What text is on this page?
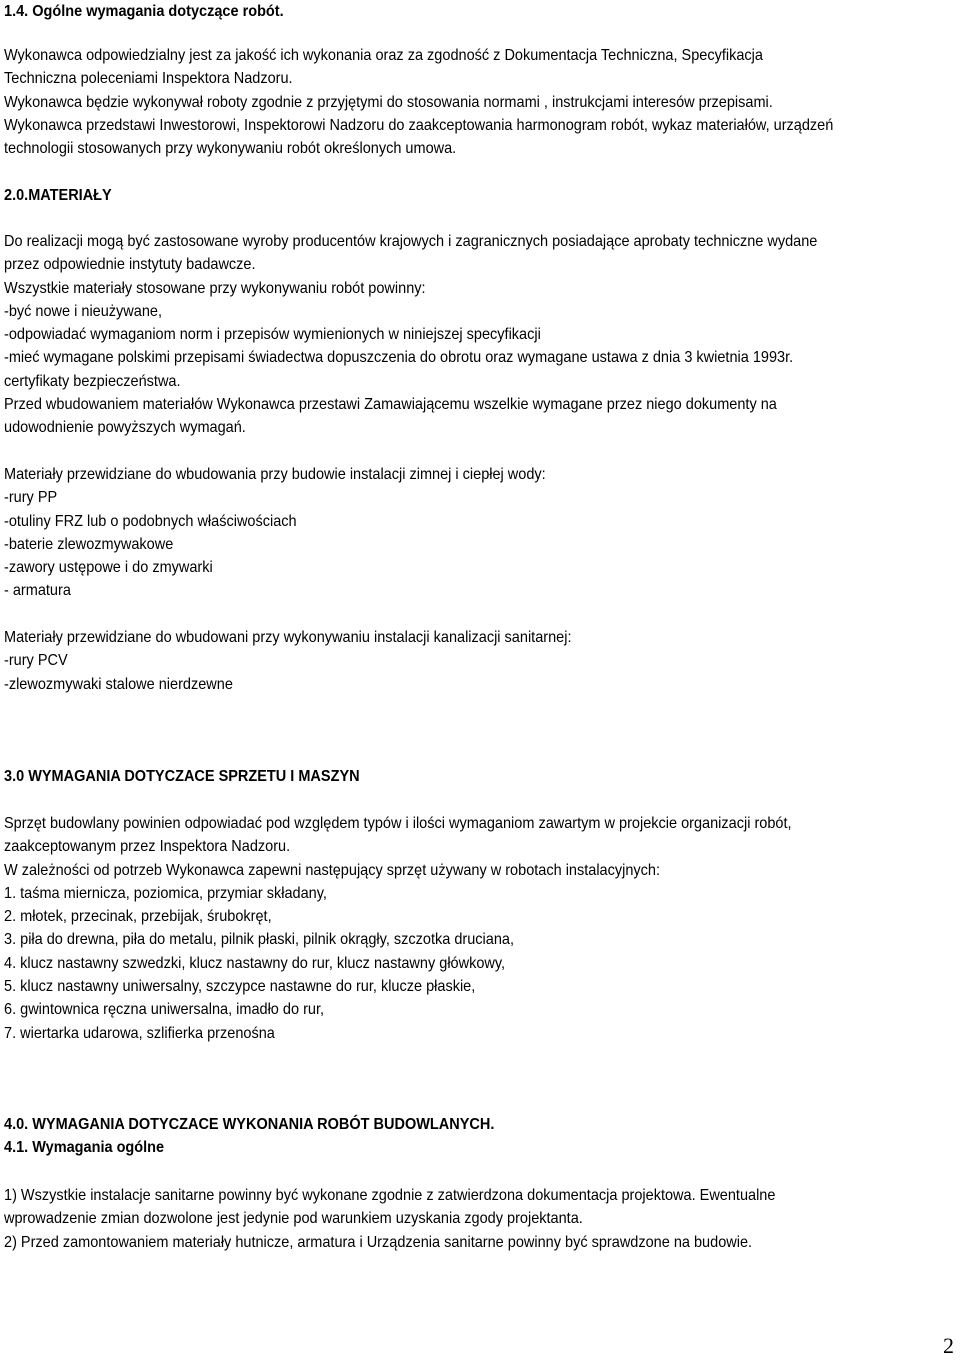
1.4. Ogólne wymagania dotyczące robót.
Wykonawca odpowiedzialny jest za jakość ich wykonania oraz za zgodność z Dokumentacja Techniczna, Specyfikacja
Techniczna poleceniami Inspektora Nadzoru.
Wykonawca będzie wykonywał roboty zgodnie z przyjętymi do stosowania normami , instrukcjami interesów przepisami.
Wykonawca przedstawi Inwestorowi, Inspektorowi Nadzoru do zaakceptowania harmonogram robót, wykaz materiałów, urządzeń
technologii stosowanych przy wykonywaniu robót określonych umowa.
2.0.MATERIAŁY
Do realizacji mogą być zastosowane wyroby producentów krajowych i zagranicznych posiadające aprobaty techniczne wydane
przez odpowiednie instytuty badawcze.
Wszystkie materiały stosowane przy wykonywaniu robót powinny:
-być nowe i nieużywane,
-odpowiadać wymaganiom norm i przepisów wymienionych w niniejszej specyfikacji
-mieć wymagane polskimi przepisami świadectwa dopuszczenia do obrotu oraz wymagane ustawa z dnia 3 kwietnia 1993r.
certyfikaty bezpieczeństwa.
Przed wbudowaniem materiałów Wykonawca przestawi Zamawiającemu wszelkie wymagane przez niego dokumenty na
udowodnienie powyższych wymagań.
Materiały przewidziane do wbudowania przy budowie instalacji zimnej i ciepłej wody:
-rury PP
-otuliny FRZ lub o podobnych właściwościach
-baterie zlewozmywakowe
-zawory ustępowe i do zmywarki
- armatura
Materiały przewidziane do wbudowani przy wykonywaniu instalacji kanalizacji sanitarnej:
-rury PCV
-zlewozmywaki stalowe nierdzewne
3.0 WYMAGANIA DOTYCZACE SPRZETU I MASZYN
Sprzęt budowlany powinien odpowiadać pod względem typów i ilości wymaganiom zawartym w projekcie organizacji robót,
zaakceptowanym przez Inspektora Nadzoru.
W zależności od potrzeb Wykonawca zapewni następujący sprzęt używany w robotach instalacyjnych:
1. taśma miernicza, poziomica, przymiar składany,
2. młotek, przecinak, przebijak, śrubokręt,
3. piła do drewna, piła do metalu, pilnik płaski, pilnik okrągły, szczotka druciana,
4. klucz nastawny szwedzki, klucz nastawny do rur, klucz nastawny główkowy,
5. klucz nastawny uniwersalny, szczypce nastawne do rur, klucze płaskie,
6. gwintownica ręczna uniwersalna, imadło do rur,
7. wiertarka udarowa, szlifierka przenośna
4.0. WYMAGANIA DOTYCZACE WYKONANIA ROBÓT BUDOWLANYCH.
4.1. Wymagania ogólne
1) Wszystkie instalacje sanitarne powinny być wykonane zgodnie z zatwierdzona dokumentacja projektowa. Ewentualne
wprowadzenie zmian dozwolone jest jedynie pod warunkiem uzyskania zgody projektanta.
2) Przed zamontowaniem materiały hutnicze, armatura i Urządzenia sanitarne powinny być sprawdzone na budowie.
2
